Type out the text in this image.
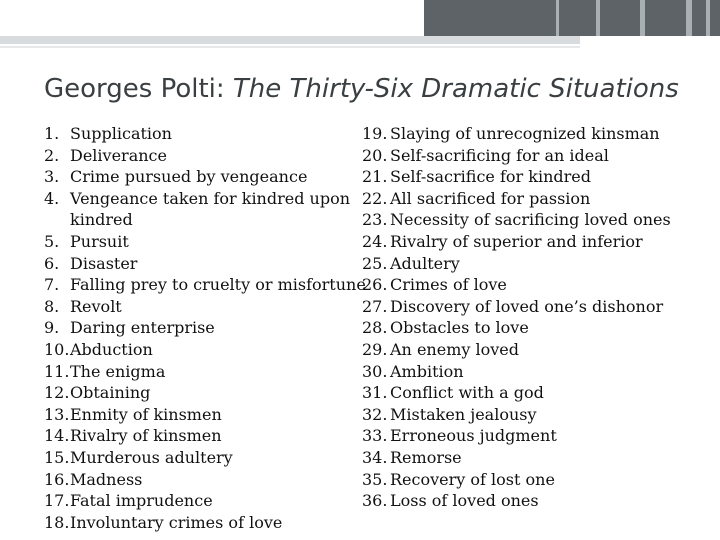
Georges Polti: The Thirty-Six Dramatic Situations
1. Supplication
2. Deliverance
3. Crime pursued by vengeance
4. Vengeance taken for kindred upon
kindred
5. Pursuit
6. Disaster
7. Falling prey to cruelty or misfortune
8. Revolt
9. Daring enterprise
10.Abduction
11.The enigma
12.Obtaining
13.Enmity of kinsmen
14.Rivalry of kinsmen
15.Murderous adultery
16.Madness
17.Fatal imprudence
18.Involuntary crimes of love
19. Slaying of unrecognized kinsman
20. Self-sacrificing for an ideal
21. Self-sacrifice for kindred
22. All sacrificed for passion
23. Necessity of sacrificing loved ones
24. Rivalry of superior and inferior
25. Adultery
26. Crimes of love
27. Discovery of loved one’s dishonor
28. Obstacles to love
29. An enemy loved
30. Ambition
31. Conflict with a god
32. Mistaken jealousy
33. Erroneous judgment
34. Remorse
35. Recovery of lost one
36. Loss of loved ones
